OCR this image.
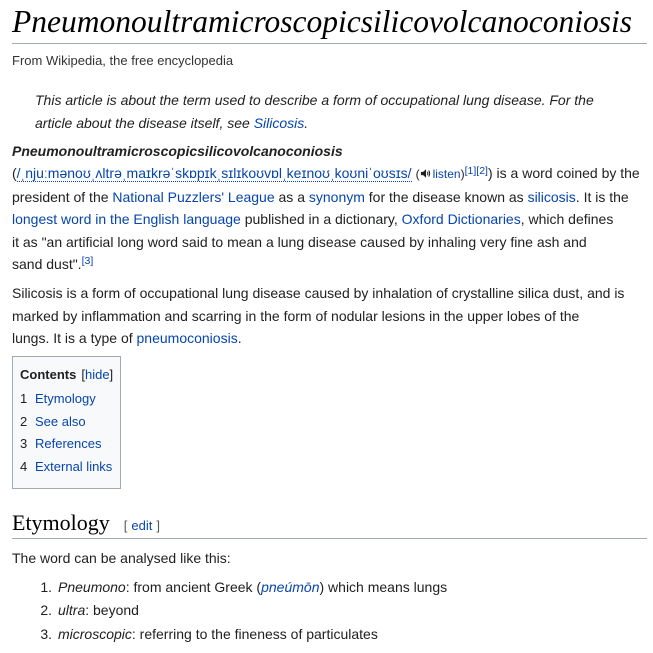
Pneumonoultramicroscopicsilicovolcanoconiosis
From Wikipedia, the free encyclopedia
This article is about the term used to describe a form of occupational lung disease. For the
article about the disease itself, see Silicosis.
Pneumonoultramicroscopicsilicovolcanoconiosis
(/ˌnjuːmənoʊˌʌltrəˌmaɪkrəˈskɒpɪkˌsɪlɪkoʊvɒlˌkeɪnoʊˌkoʊniˈoʊsɪs/ ( listen)[1][2]) is a word coined by the
president of the National Puzzlers' League as a synonym for the disease known as silicosis. It is the
longest word in the English language published in a dictionary, Oxford Dictionaries, which defines
it as "an artificial long word said to mean a lung disease caused by inhaling very fine ash and
sand dust".[3]
Silicosis is a form of occupational lung disease caused by inhalation of crystalline silica dust, and is
marked by inflammation and scarring in the form of nodular lesions in the upper lobes of the
lungs. It is a type of pneumoconiosis.
Contents [hide]
1 Etymology
2 See also
3 References
4 External links
Etymology [ edit ]
The word can be analysed like this:
1. Pneumono: from ancient Greek (pneúmōn) which means lungs
2. ultra: beyond
3. microscopic: referring to the fineness of particulates
